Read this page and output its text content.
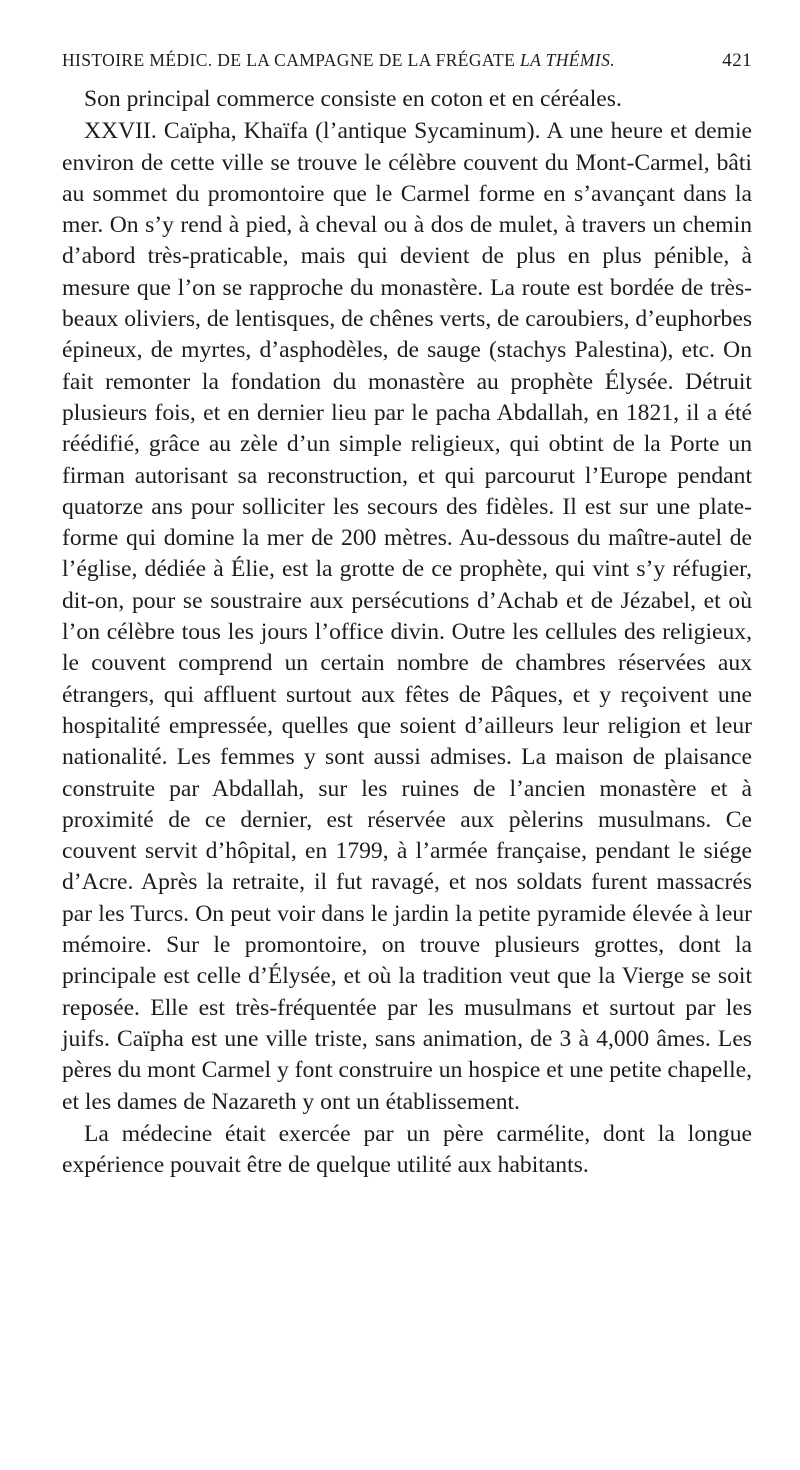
HISTOIRE MÉDIC. DE LA CAMPAGNE DE LA FRÉGATE LA THÉMIS.	421

Son principal commerce consiste en coton et en céréales.

XXVII. Caïpha, Khaïfa (l’antique Sycaminum). A une heure et demie environ de cette ville se trouve le célèbre couvent du Mont-Carmel, bâti au sommet du promontoire que le Carmel forme en s’avançant dans la mer. On s’y rend à pied, à cheval ou à dos de mulet, à travers un chemin d’abord très-praticable, mais qui devient de plus en plus pénible, à mesure que l’on se rapproche du monastère. La route est bordée de très-beaux oliviers, de lentisques, de chênes verts, de caroubiers, d’euphorbes épineux, de myrtes, d’asphodèles, de sauge (stachys Palestina), etc. On fait remonter la fondation du monastère au prophète Élysée. Détruit plusieurs fois, et en dernier lieu par le pacha Abdallah, en 1821, il a été réédifié, grâce au zèle d’un simple religieux, qui obtint de la Porte un firman autorisant sa reconstruction, et qui parcourut l’Europe pendant quatorze ans pour solliciter les secours des fidèles. Il est sur une plateforme qui domine la mer de 200 mètres. Au-dessous du maître-autel de l’église, dédiée à Élie, est la grotte de ce prophète, qui vint s’y réfugier, dit-on, pour se soustraire aux persécutions d’Achab et de Jézabel, et où l’on célèbre tous les jours l’office divin. Outre les cellules des religieux, le couvent comprend un certain nombre de chambres réservées aux étrangers, qui affluent surtout aux fêtes de Pâques, et y reçoivent une hospitalité empressée, quelles que soient d’ailleurs leur religion et leur nationalité. Les femmes y sont aussi admises. La maison de plaisance construite par Abdallah, sur les ruines de l’ancien monastère et à proximité de ce dernier, est réservée aux pèlerins musulmans. Ce couvent servit d’hôpital, en 1799, à l’armée française, pendant le siége d’Acre. Après la retraite, il fut ravagé, et nos soldats furent massacrés par les Turcs. On peut voir dans le jardin la petite pyramide élevée à leur mémoire. Sur le promontoire, on trouve plusieurs grottes, dont la principale est celle d’Élysée, et où la tradition veut que la Vierge se soit reposée. Elle est très-fréquentée par les musulmans et surtout par les juifs. Caïpha est une ville triste, sans animation, de 3 à 4,000 âmes. Les pères du mont Carmel y font construire un hospice et une petite chapelle, et les dames de Nazareth y ont un établissement.

La médecine était exercée par un père carmélite, dont la longue expérience pouvait être de quelque utilité aux habitants.
